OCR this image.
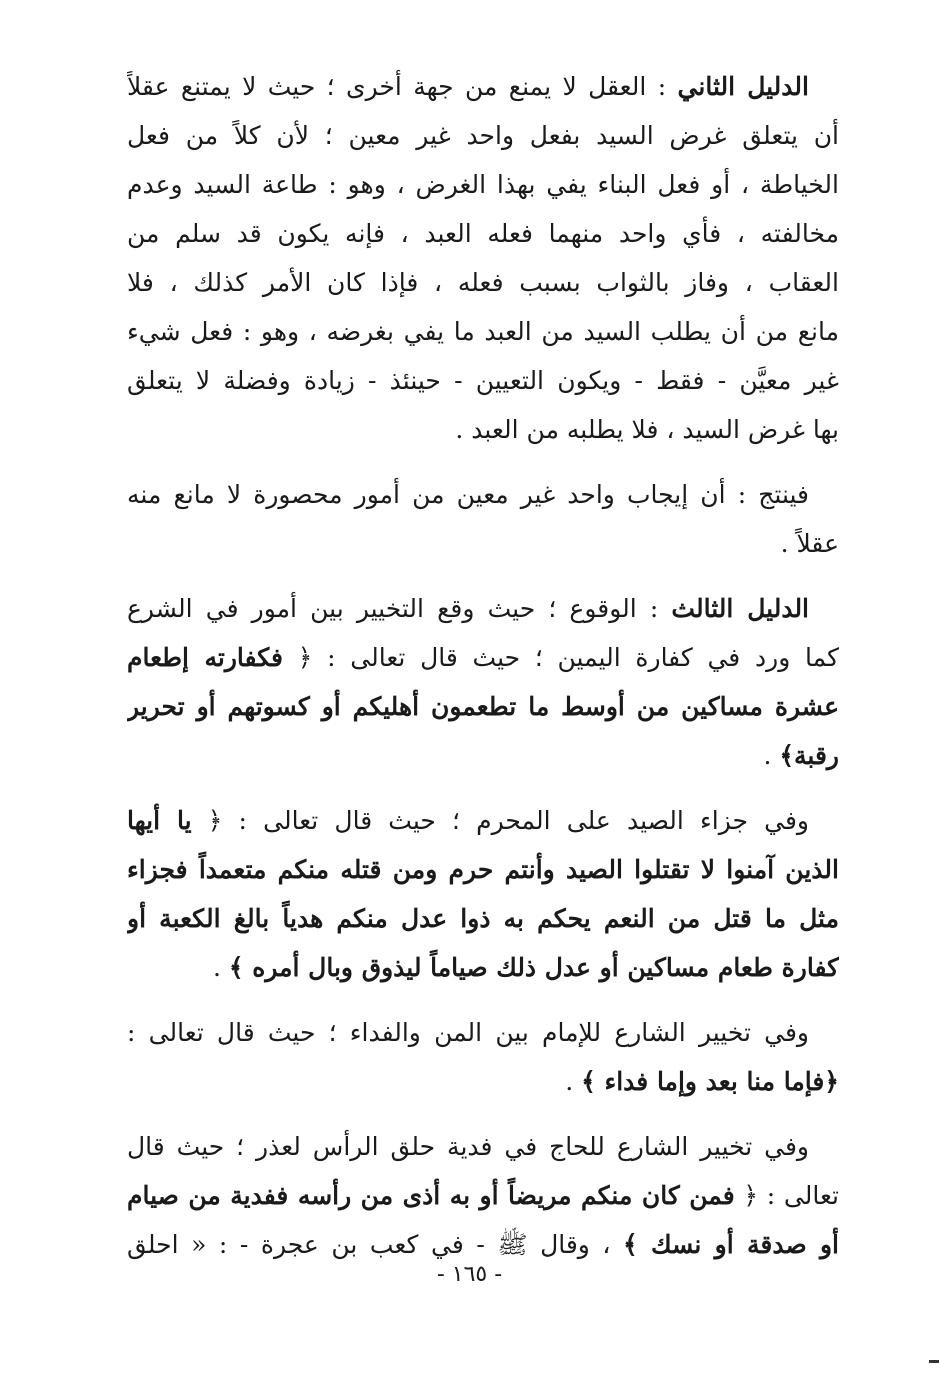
الدليل الثاني : العقل لا يمنع من جهة أخرى ؛ حيث لا يمتنع عقلاً
أن يتعلق غرض السيد بفعل واحد غير معين ؛ لأن كلاً من فعل
الخياطة ، أو فعل البناء يفي بهذا الغرض ، وهو : طاعة السيد وعدم
مخالفته ، فأي واحد منهما فعله العبد ، فإنه يكون قد سلم من
العقاب ، وفاز بالثواب بسبب فعله ، فإذا كان الأمر كذلك ، فلا
مانع من أن يطلب السيد من العبد ما يفي بغرضه ، وهو : فعل شيء
غير معيَّن - فقط - ويكون التعيين - حينئذ - زيادة وفضلة لا يتعلق
بها غرض السيد ، فلا يطلبه من العبد .
فينتج : أن إيجاب واحد غير معين من أمور محصورة لا مانع منه
عقلاً .
الدليل الثالث : الوقوع ؛ حيث وقع التخيير بين أمور في الشرع
كما ورد في كفارة اليمين ؛ حيث قال تعالى : ﴿ فكفارته إطعام
عشرة مساكين من أوسط ما تطعمون أهليكم أو كسوتهم أو تحرير
رقبة﴾ .
وفي جزاء الصيد على المحرم ؛ حيث قال تعالى : ﴿ يا أيها
الذين آمنوا لا تقتلوا الصيد وأنتم حرم ومن قتله منكم متعمداً فجزاء
مثل ما قتل من النعم يحكم به ذوا عدل منكم هدياً بالغ الكعبة أو
كفارة طعام مساكين أو عدل ذلك صياماً ليذوق وبال أمره ﴾ .
وفي تخيير الشارع للإمام بين المن والفداء ؛ حيث قال تعالى :
﴿فإما منا بعد وإما فداء ﴾ .
وفي تخيير الشارع للحاج في فدية حلق الرأس لعذر ؛ حيث قال
تعالى : ﴿ فمن كان منكم مريضاً أو به أذى من رأسه ففدية من صيام
أو صدقة أو نسك ﴾ ، وقال ﷺ - في كعب بن عجرة - : « احلق
- ١٦٥ -
